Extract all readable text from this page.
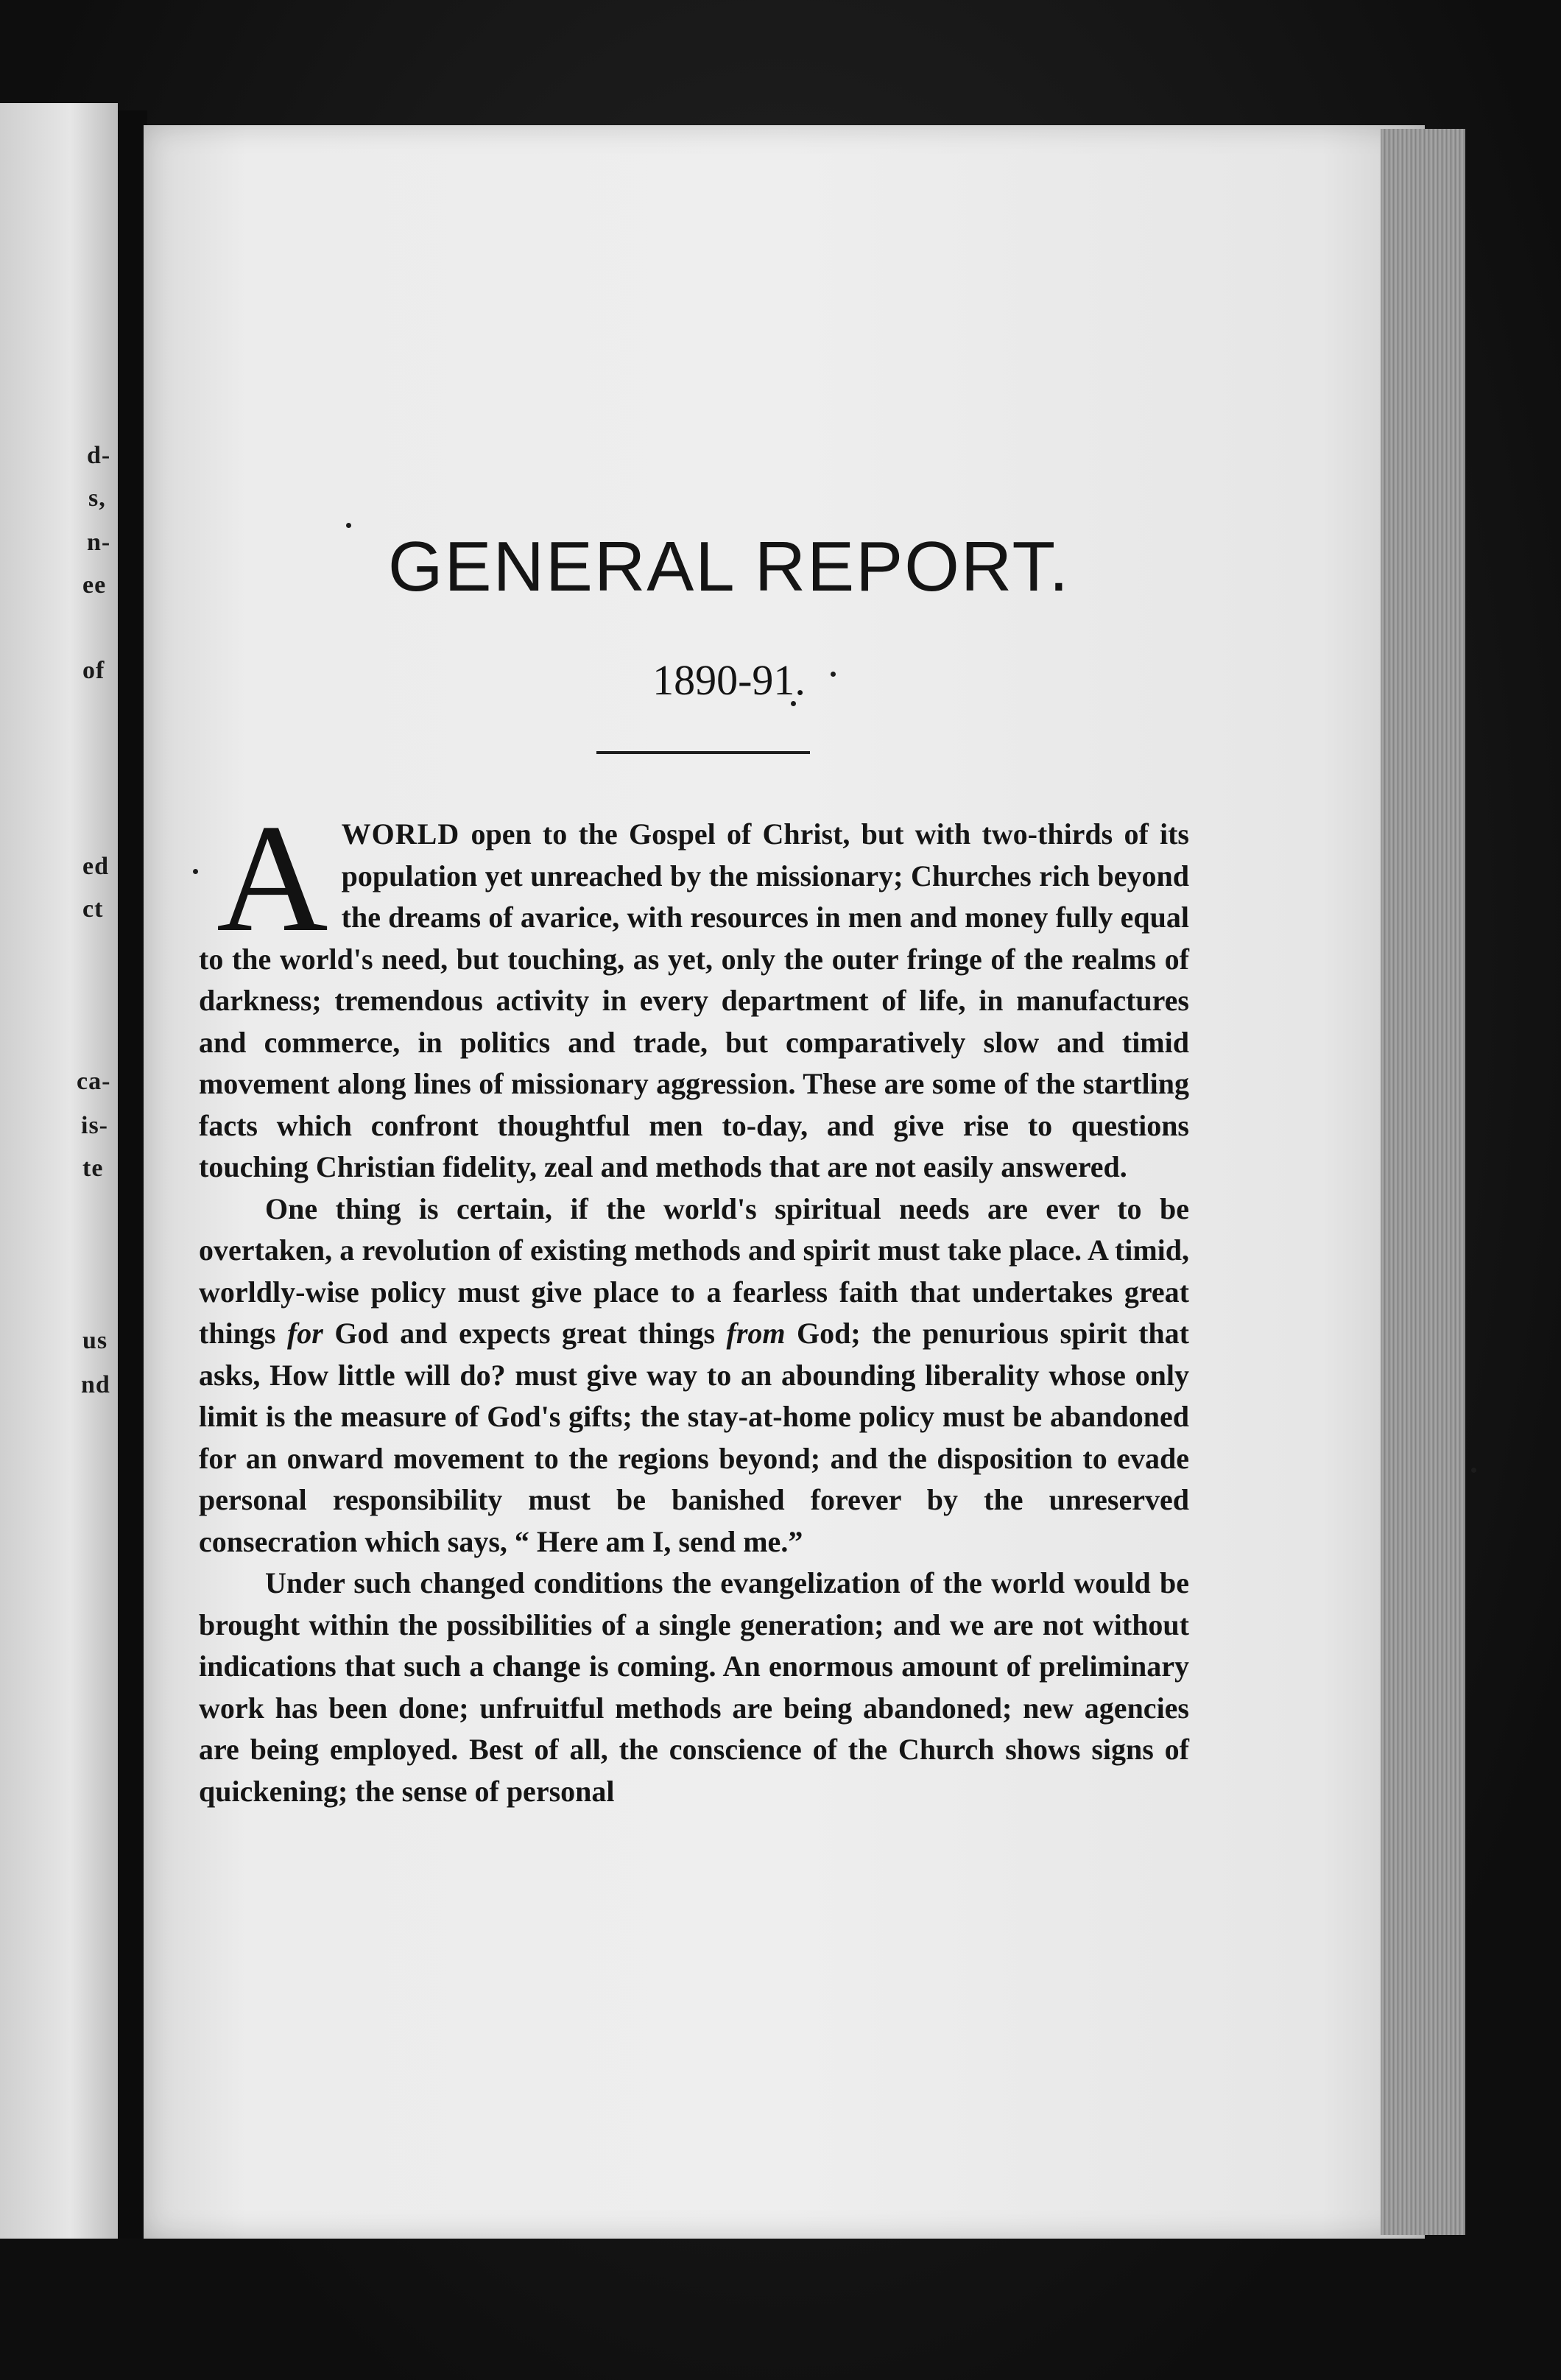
d-
s,
n-
ee
of
ed
ct
ca-
is-
te
us
nd

GENERAL REPORT.
1890-91.

AWORLD open to the Gospel of Christ, but with two-thirds of its population yet unreached by the missionary; Churches rich beyond the dreams of avarice, with resources in men and money fully equal to the world's need, but touching, as yet, only the outer fringe of the realms of darkness; tremendous activity in every department of life, in manufactures and commerce, in politics and trade, but comparatively slow and timid movement along lines of missionary aggression. These are some of the startling facts which confront thoughtful men to-day, and give rise to questions touching Christian fidelity, zeal and methods that are not easily answered.

One thing is certain, if the world's spiritual needs are ever to be overtaken, a revolution of existing methods and spirit must take place. A timid, worldly-wise policy must give place to a fearless faith that undertakes great things for God and expects great things from God; the penurious spirit that asks, How little will do? must give way to an abounding liberality whose only limit is the measure of God's gifts; the stay-at-home policy must be abandoned for an onward movement to the regions beyond; and the disposition to evade personal responsibility must be banished forever by the unreserved consecration which says, “ Here am I, send me.”

Under such changed conditions the evangelization of the world would be brought within the possibilities of a single generation; and we are not without indications that such a change is coming. An enormous amount of preliminary work has been done; unfruitful methods are being abandoned; new agencies are being employed. Best of all, the conscience of the Church shows signs of quickening; the sense of personal
